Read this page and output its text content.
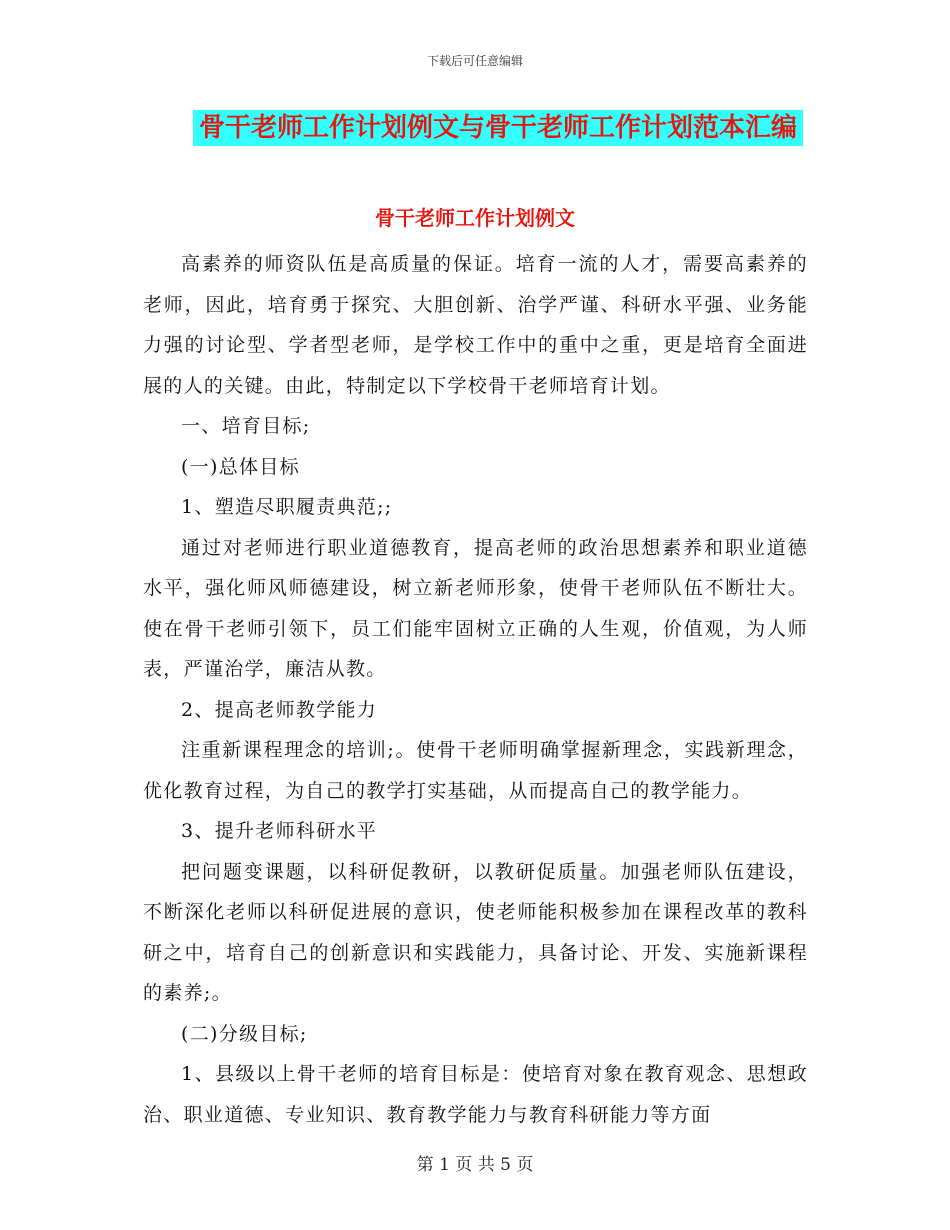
下载后可任意编辑
骨干老师工作计划例文与骨干老师工作计划范本汇编
骨干老师工作计划例文

高素养的师资队伍是高质量的保证。培育一流的人才，需要高素养的老师，因此，培育勇于探究、大胆创新、治学严谨、科研水平强、业务能力强的讨论型、学者型老师，是学校工作中的重中之重，更是培育全面进展的人的关键。由此，特制定以下学校骨干老师培育计划。

一、培育目标;

(一)总体目标

1、塑造尽职履责典范;;

通过对老师进行职业道德教育，提高老师的政治思想素养和职业道德水平，强化师风师德建设，树立新老师形象，使骨干老师队伍不断壮大。使在骨干老师引领下，员工们能牢固树立正确的人生观，价值观，为人师表，严谨治学，廉洁从教。

2、提高老师教学能力

注重新课程理念的培训;。使骨干老师明确掌握新理念，实践新理念，优化教育过程，为自己的教学打实基础，从而提高自己的教学能力。

3、提升老师科研水平

把问题变课题，以科研促教研，以教研促质量。加强老师队伍建设，不断深化老师以科研促进展的意识，使老师能积极参加在课程改革的教科研之中，培育自己的创新意识和实践能力，具备讨论、开发、实施新课程的素养;。

(二)分级目标;

1、县级以上骨干老师的培育目标是：使培育对象在教育观念、思想政治、职业道德、专业知识、教育教学能力与教育科研能力等方面

第 1 页 共 5 页
